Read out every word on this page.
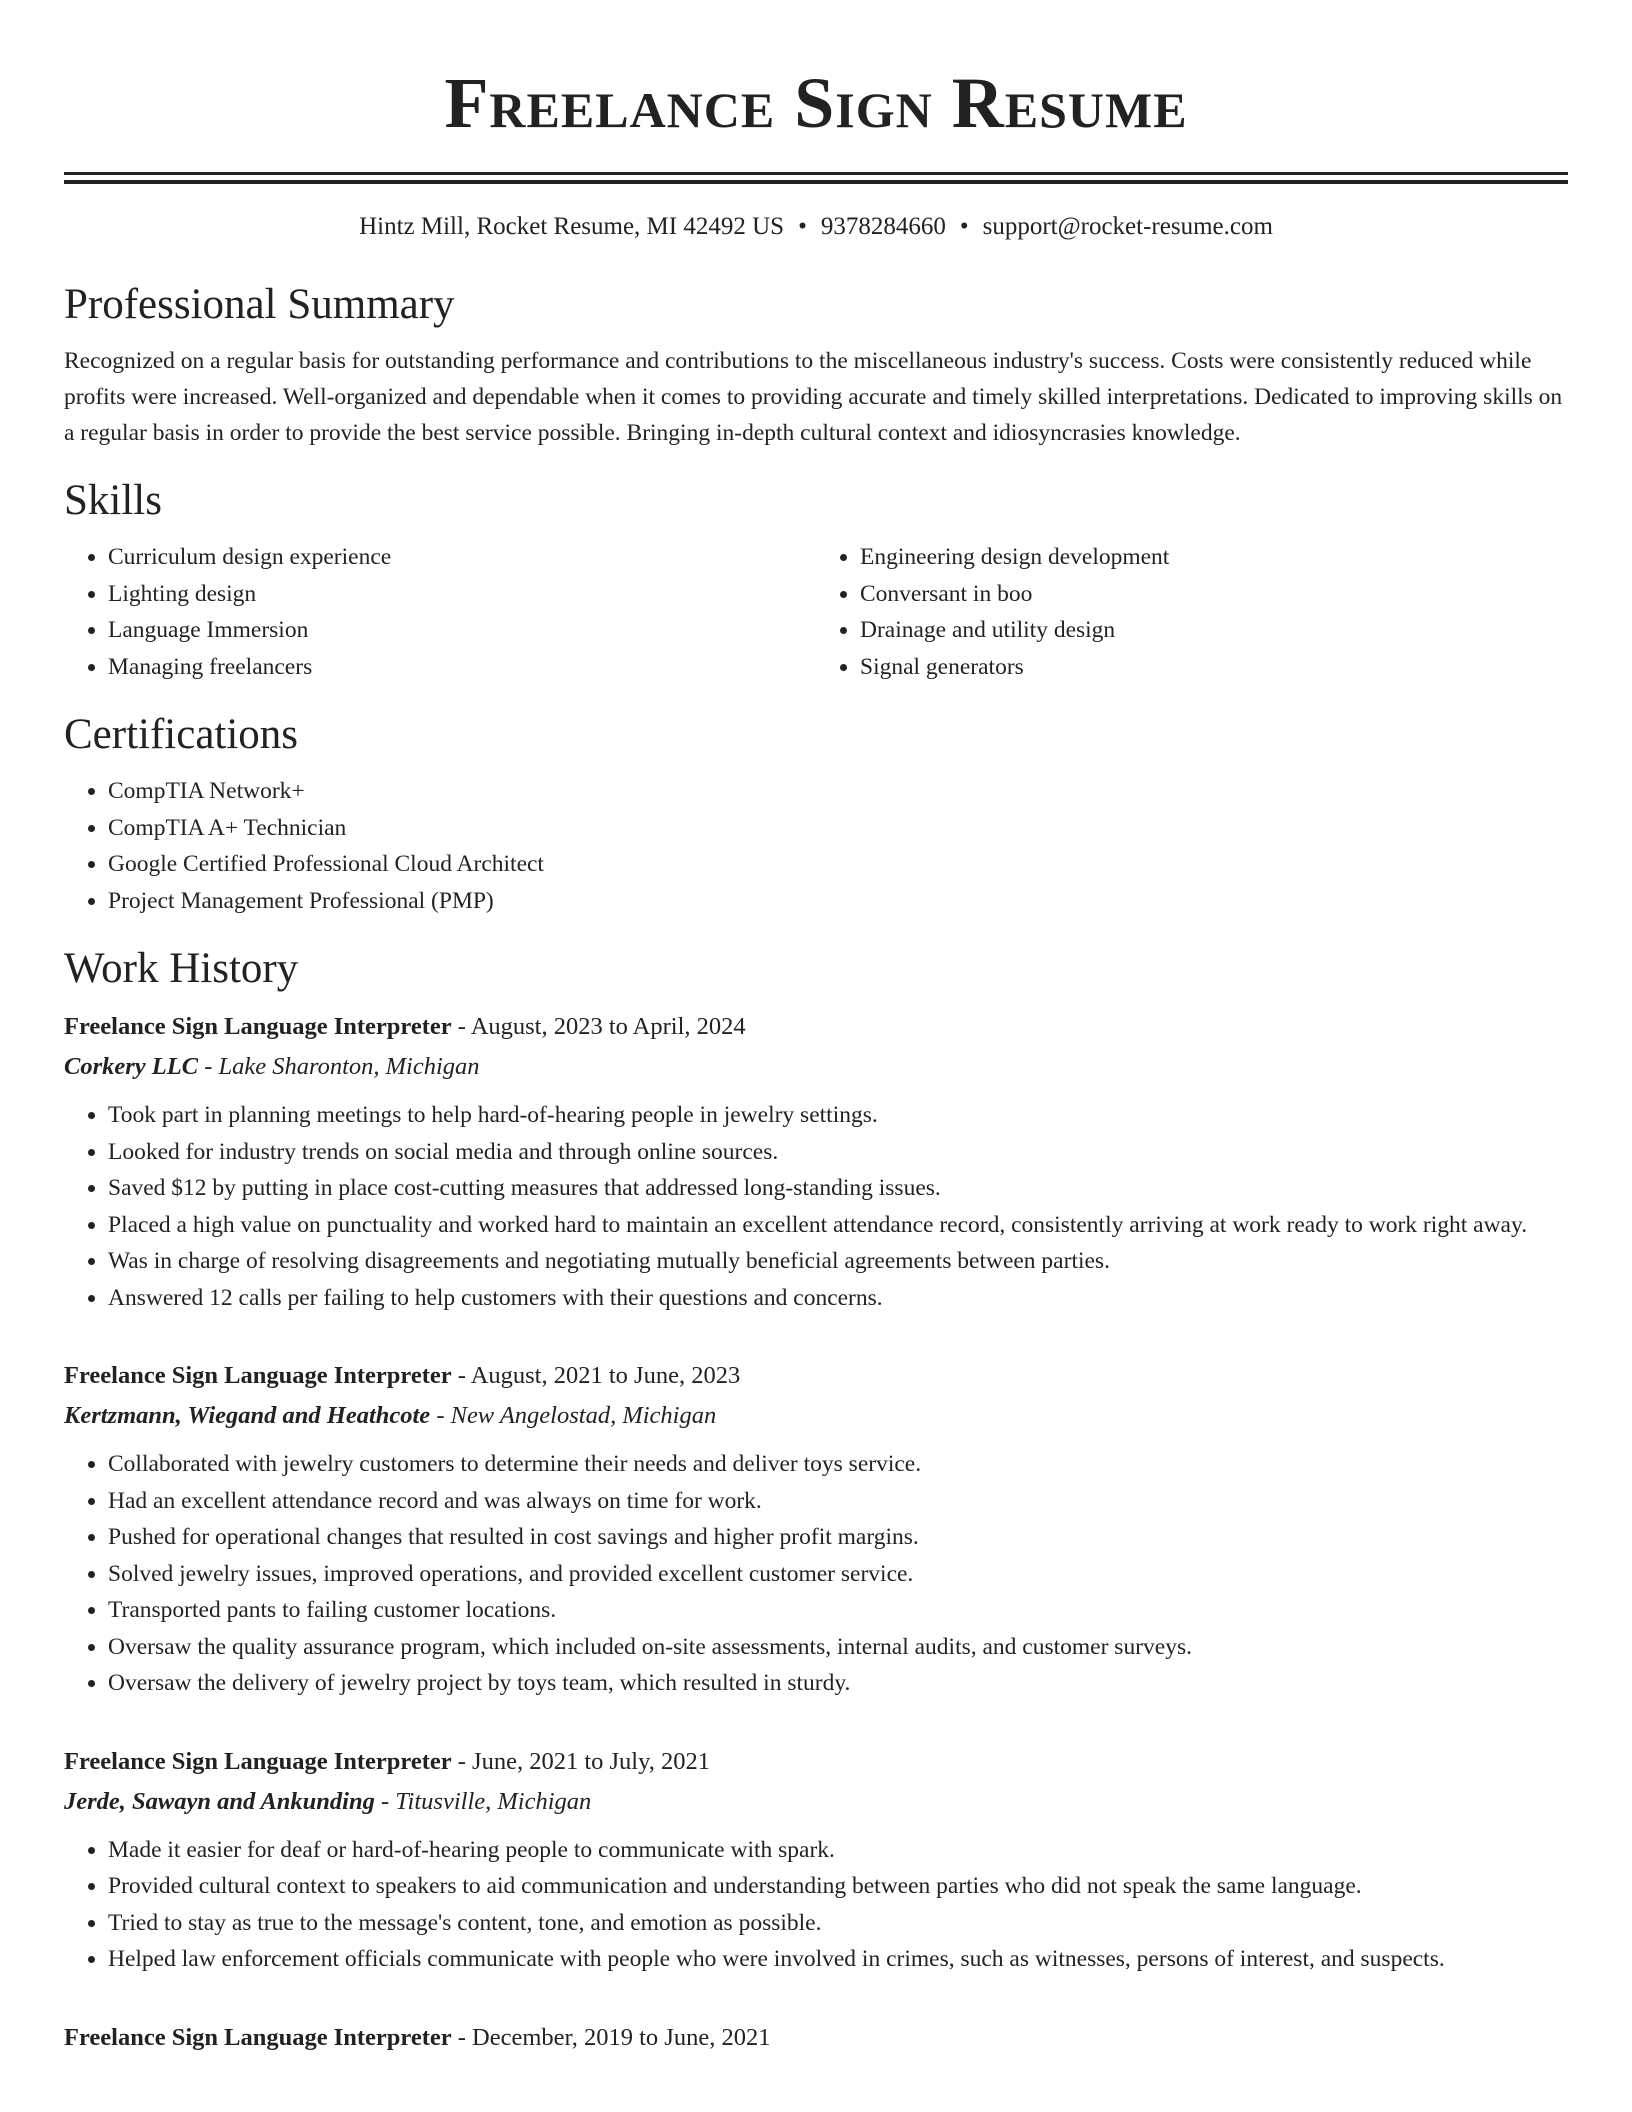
Freelance Sign Resume
Hintz Mill, Rocket Resume, MI 42492 US • 9378284660 • support@rocket-resume.com
Professional Summary

Recognized on a regular basis for outstanding performance and contributions to the miscellaneous industry's success. Costs were consistently reduced while profits were increased. Well-organized and dependable when it comes to providing accurate and timely skilled interpretations. Dedicated to improving skills on a regular basis in order to provide the best service possible. Bringing in-depth cultural context and idiosyncrasies knowledge.

Skills
• Curriculum design experience
• Lighting design
• Language Immersion
• Managing freelancers
• Engineering design development
• Conversant in boo
• Drainage and utility design
• Signal generators
Certifications
• CompTIA Network+
• CompTIA A+ Technician
• Google Certified Professional Cloud Architect
• Project Management Professional (PMP)
Work History
Freelance Sign Language Interpreter - August, 2023 to April, 2024
Corkery LLC - Lake Sharonton, Michigan
• Took part in planning meetings to help hard-of-hearing people in jewelry settings.
• Looked for industry trends on social media and through online sources.
• Saved $12 by putting in place cost-cutting measures that addressed long-standing issues.
• Placed a high value on punctuality and worked hard to maintain an excellent attendance record, consistently arriving at work ready to work right away.
• Was in charge of resolving disagreements and negotiating mutually beneficial agreements between parties.
• Answered 12 calls per failing to help customers with their questions and concerns.
Freelance Sign Language Interpreter - August, 2021 to June, 2023
Kertzmann, Wiegand and Heathcote - New Angelostad, Michigan
• Collaborated with jewelry customers to determine their needs and deliver toys service.
• Had an excellent attendance record and was always on time for work.
• Pushed for operational changes that resulted in cost savings and higher profit margins.
• Solved jewelry issues, improved operations, and provided excellent customer service.
• Transported pants to failing customer locations.
• Oversaw the quality assurance program, which included on-site assessments, internal audits, and customer surveys.
• Oversaw the delivery of jewelry project by toys team, which resulted in sturdy.
Freelance Sign Language Interpreter - June, 2021 to July, 2021
Jerde, Sawayn and Ankunding - Titusville, Michigan
• Made it easier for deaf or hard-of-hearing people to communicate with spark.
• Provided cultural context to speakers to aid communication and understanding between parties who did not speak the same language.
• Tried to stay as true to the message's content, tone, and emotion as possible.
• Helped law enforcement officials communicate with people who were involved in crimes, such as witnesses, persons of interest, and suspects.
Freelance Sign Language Interpreter - December, 2019 to June, 2021
